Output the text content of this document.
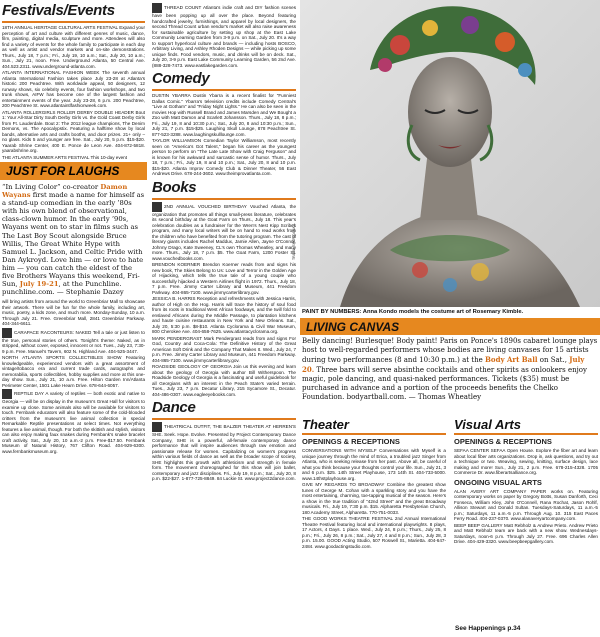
Festivals/Events

18TH ANNUAL HERITAGE CULTURAL ARTS FESTIVAL Expand your perception of art and culture with different genres of music, dance, film, painting, digital media, sculpture and more. Attendees will also find a variety of events for the whole family to participate in each day as well as artist and vendor markets and on-site demonstrations. Thurs., July 18, 7 p.m.; Fri., July 19, 10 a.m.; Sat., July 20, 10 a.m.; Sun., July 21, noon. Free. Underground Atlanta, 50 Central Ave. 404.523.2311. www.underground-atlanta.com.

ATLANTA INTERNATIONAL FASHION WEEK The seventh annual Atlanta International Fashion takes place July 23-28 at Atlanta's historic 200 Peachtree. With worldwide appeal, 50 designers, 12 runway shows, six celebrity events, four fashion workshops, and two trunk shows, AIFW has become one of the largest fashion and entertainment events of the year. July 23-28, 6 p.m. 200 Peachtree, 200 Peachtree St. www.atlantaintlfashionweek.com.

ATLANTA ROLLERGIRLS ROLLER DERBY DOUBLE HEADER Bout 1: Your All-Star Dirty South Derby Girls vs. the Gold Coast Derby Girls from Ft. Lauderdale. Bout 2: The 2012 league champions, The Denim Demons, vs. The Apocalypstix. Featuring a halftime show by local bands, alternative arts and crafts booths, and door prizes. 21+ only – no glass. Kids 5 and younger are free. Sat., July 20, 5 p.m. $15-$20. Yaarab Shrine Center, 400 E. Ponce de Leon Ave. 404-872-5818. yaarabshrine.org.

THE ATLANTA SUMMER ARTS FESTIVAL This 10-day event

JUST FOR LAUGHS
“In Living Color” co-creator Damon Wayans first made a name for himself as a stand-up comedian in the early ’80s with his own blend of observational, class-clown humor. In the early ’90s, Wayans went on to star in films such as The Last Boy Scout alongside Bruce Willis, The Great White Hype with Samuel L. Jackson, and Celtic Pride with Dan Aykroyd. Love him — or love to hate him — you can catch the eldest of the five Brothers Wayans this weekend, Fri-Sun, July 19-21, at the Punchline. punchline.com. — Stephanie Dazey

will bring artists from around the world to Greenbriar Mall to showcase their artwork. There will be fun for the whole family, including art, music, poetry, a kids zone, and much more. Monday-Sunday, 10 a.m. Through July 21. Free. Greenbriar Mall, 2841 Greenbriar Parkway. 404-344-6611.

CARAPACE RACONTEURS: NAKED Tell a tale or just listen to the true, personal stories of others. Tonight's theme: Naked, as in stripped, without cover, exposed, innocent or not. Tues., July 23, 7:30-9 p.m. Free. Manuel's Tavern, 602 N. Highland Ave. 404-525-3447.

NORTH ATLANTA SPORTS COLLECTIBLES SHOW Featuring knowledgeable, experienced vendors with a great assortment of vintage/tobacco era and current trade cards, autographs and memorabilia, sports collectibles, hobby supplies and more at this one-day show. Sun., July 21, 10 a.m. Free. Hilton Garden Inn/Atlanta Perimeter Center, 1501 Lake Hearn Drive. 678-644-6057.

REPTILE DAY A variety of reptiles — both exotic and native to Georgia — will be on display in the museum's Great Hall for visitors to examine up close. Some animals also will be available for visitors to touch. Fernbank educators will also feature some of the cold-blooded critters from the museum's live animal collection in special Remarkable Reptile presentations at select times. Not everything features a live animal, though. For both the skittish and stylish, visitors can also enjoy making faux snakes during Fernbank's snake bracelet craft activity. Sat., July 20, 10 a.m.-2 p.m. Free-$17.50. Fernbank Museum of Natural History, 767 Clifton Road. 404-929-6300. www.fernbankmuseum.org.

THREAD COUNT Atlanta's indie craft and DIY fashion scenes have been popping up all over the place. Beyond featuring handcrafted jewelry, furnishings, and apparel by local designers, the second Thread Count urban vendor's market will also raise awareness for sustainable agriculture by setting up shop at the East Lake Community Learning Garden from 3-9 p.m. on Sat., July 20. It's a way to support hyperlocal culture and brands — including hosts BOSCO, Arbitrary Living, and Ashley Rhoden Designs — while picking up some unique finds. Food vendors, music, and drinks will be on deck. Sat., July 20, 3-9 p.m. East Lake Community Learning Garden, 56 2nd Ave. (888-328-7473. www.eastlakegarden.com.

Comedy

DUSTIN YBARRA Dustin Ybarra is a recent finalist for "Funniest Dallas Comic." Ybarra's television credits include Comedy Central's "Live at Gotham" and "Friday Night Lights." He can also be seen in the movies Hop with Russell Brand and James Marsden and We Bought a Zoo with Matt Damon and Scarlett Johansson. Thurs., July 18, 8 p.m.; Fri., July 19, 8 and 10:30 p.m.; Sat., July 20, 8 and 10:30 p.m.; Sun., July 21, 7 p.m. $15-$25. Laughing Skull Lounge, 878 Peachtree St. 877-523-3288. www.laughingskulllounge.com.

TAYLOR WILLIAMSON Comedian Taylor Williamson, most recently seen on "America's Got Talent," began his career as the youngest person to perform on "The Late Late Show with Craig Ferguson" and is known for his awkward and sarcastic sense of humor. Thurs., July 18, 7 p.m.; Fri., July 19, 8 and 10 p.m.; Sat., July 20, 8 and 10 p.m. $15-$20. Atlanta Improv Comedy Club & Dinner Theater, 56 East Andrews Drive. 678-244-3602. www.theimprovatlanta.com.

Books

2ND ANNUAL VOUCHED BIRTHDAY Vouched Atlanta, the organization that promotes all things small-press literature, celebrates its second birthday at the Goat Farm on Thurs., July 18. This year's celebration doubles as a fundraiser for the Wren's Nest Kipp Scribes program, and many local writers will be on hand to read works from the children who have benefited from the tutoring program. The cast of literary giants includes Rachel Maddux, Jamie Allen, Jayne O'Connor, Johnny Drago, Kate Sweeney, CL's own Thomas Wheatley, and many more. Thurs., July 18, 7 p.m. $5. The Goat Farm, 1200 Foster St. www.vouchedbooks.com.

BRENDON KOERNER Brendon Koerner reads from and signs his new book, The Skies Belong to Us: Love and Terror in the Golden Age of Hijacking, which tells the true tale of a young couple who successfully hijacked a Western Airlines flight in 1972. Thurs., July 18, 7 p.m. Free. Jimmy Carter Library and Museum, 441 Freedom Parkway. 404-865-7100. www.jimmycarterlibrary.gov.

JESSICA B. HARRIS Reception and refreshments with Jessica Harris, author of High on the Hog. Harris will trace the history of soul food from its roots in traditional West African foodways, and the twill fold to enslaved Africans during the Middle Passage, to plantation kitchens and haute cuisine restaurants in New York and New Orleans. Sat., July 20, 5:30 p.m. $8-$10. Atlanta Cyclorama & Civil War Museum, 800 Cherokee Ave. 404-658-7625. www.atlantacyclorama.org.

MARK PENDERGRAST Mark Pendergrast reads from and signs For God, Country and Coca-Cola: The Definitive History of the Great American Soft Drink and the Company That Makes It. Wed., July 24, 7 p.m. Free. Jimmy Carter Library and Museum, 441 Freedom Parkway. 404-865-7100. www.jimmycarterlibrary.gov.

ROADSIDE GEOLOGY OF GEORGIA Join us this evening and learn about the geology of Georgia with author Bill Witherspoon. The Roadside Geology of Georgia is a fascinating and useful guidebook for all Georgians with an interest in the Peach State's varied terrain. Tues., July 23, 7 p.m. Decatur Library, 215 Sycamore St., Decatur. 404-486-0307. www.eagleeyebooks.com.

Dance

THEATRICAL OUTFIT, THE BALZER THEATER AT HERREN'S SHE. Seek. Hope. Evolve. Presented by Project Contemporary Dance Company, SHE is a powerful, all-female contemporary dance performance that will inspire audiences through raw emotion and passionate release for women. Capitalizing on women's progress within various fields of dance as well as the broader scope of society, SHE highlights this growth with athleticism and strength in female form. The movement choreographed for this show will join ballet, contemporary and jazz disciplines. Fri., July 19, 8 p.m.; Sat., July 20, 8 p.m. $22-$27. 1-877-725-8849. 84 Luckie St. www.project2dance.com.

TRAVIS SHERIDAN/CL
PAINT BY NUMBERS: Anna Kondo models the costume art of Rosemary Kimble.
LIVING CANVAS
Belly dancing! Burlesque! Body paint! Paris on Ponce's 1890s cabaret lounge plays host to well-regarded performers whose bodies are living canvases for 15 artists during two performances (8 and 10:30 p.m.) at the Body Art Ball on Sat., July 20. Three bars will serve absinthe cocktails and other spirits as onlookers enjoy magic, pole dancing, and quasi-naked performances. Tickets ($35) must be purchased in advance and a portion of the proceeds benefits the Chelko Foundation. bodyartball.com. — Thomas Wheatley
Theater
OPENINGS & RECEPTIONS

CONVERSATIONS WITH MYSELF Conversations with Myself is a unique journey through the mind of Erica, a troubled jazz Singer from Atlanta, who is seeking release from her past. Above all, be careful of what you think because your thoughts control your life. Sun., July 21, 3 and 6 p.m. $25. 14th Street Playhouse, 173 14th St. 404-733-5000. www.14thstplayhouse.org.

GIVE MY REGARDS TO BROADWAY Combine the greatest show tunes of George M. Cohan with a sparkling story and you have the most entertaining, charming, toe-tapping musical of the season. Here's a show in the true tradition of "42nd Street" and the great Broadway musicals. Fri., July 19, 7:30 p.m. $15. Alpharetta Presbyterian Church, 180 Academy Street, Alpharetta. 770-751-0033.

THE GOOD WORKS THEATRE FESTIVAL 2nd Annual International Theatre Festival featuring local and international playwrights. 8 plays, 17 Actors, 4 Days. 1 place. Wed., July 24, 8 p.m.; Thurs., July 25, 8 p.m.; Fri., July 26, 8 p.m.; Sat., July 27, 4 and 8 p.m.; Sun., July 28, 3 p.m. 15.00. GOOD Acting Studio, 507 Roswell St., Marietta. 404-647-2484. www.goodactingstudio.com.

Visual Arts
OPENINGS & RECEPTIONS

SEFAA CENTER SEFAA Open House. Explore the fiber art and learn about local fiber arts organizations. Drop in, ask questions, and try out a technique or two. Weaving, sewing, knitting, surface design, lace making and more! Sun., July 21, 2 p.m. Free. 678-215-4328. 1705 Commerce Dr. www.fiberartsalliance.org.

ONGOING VISUAL ARTS

ALAN AVERY ART COMPANY PAPER works on. Featuring contemporary works on paper by Gregory Botts, Susan Danforth, Ceci Fonseca, William Kley, John O'Connell, Rana Rochat, Jason Rohlf, Allison Stewart and Donald Sultan. Tuesdays-Saturdays, 11 a.m.-5 p.m.; Saturdays, 11 a.m.-5 p.m. Through Aug. 10. 315 East Paces Ferry Road. 404-237-0370. www.alanaveryartcompany.com.

BEEP BEEP GALLERY Matt Rebholz & Andrew Prieto. Andrew Prieto and Matt Rebholz team are back with a new show. Wednesdays-Saturdays, noon-6 p.m. Through July 27. Free. 696 Charles Allen Drive. 404-429-3320. www.beepbeepgallery.com.

See Happenings p.34
